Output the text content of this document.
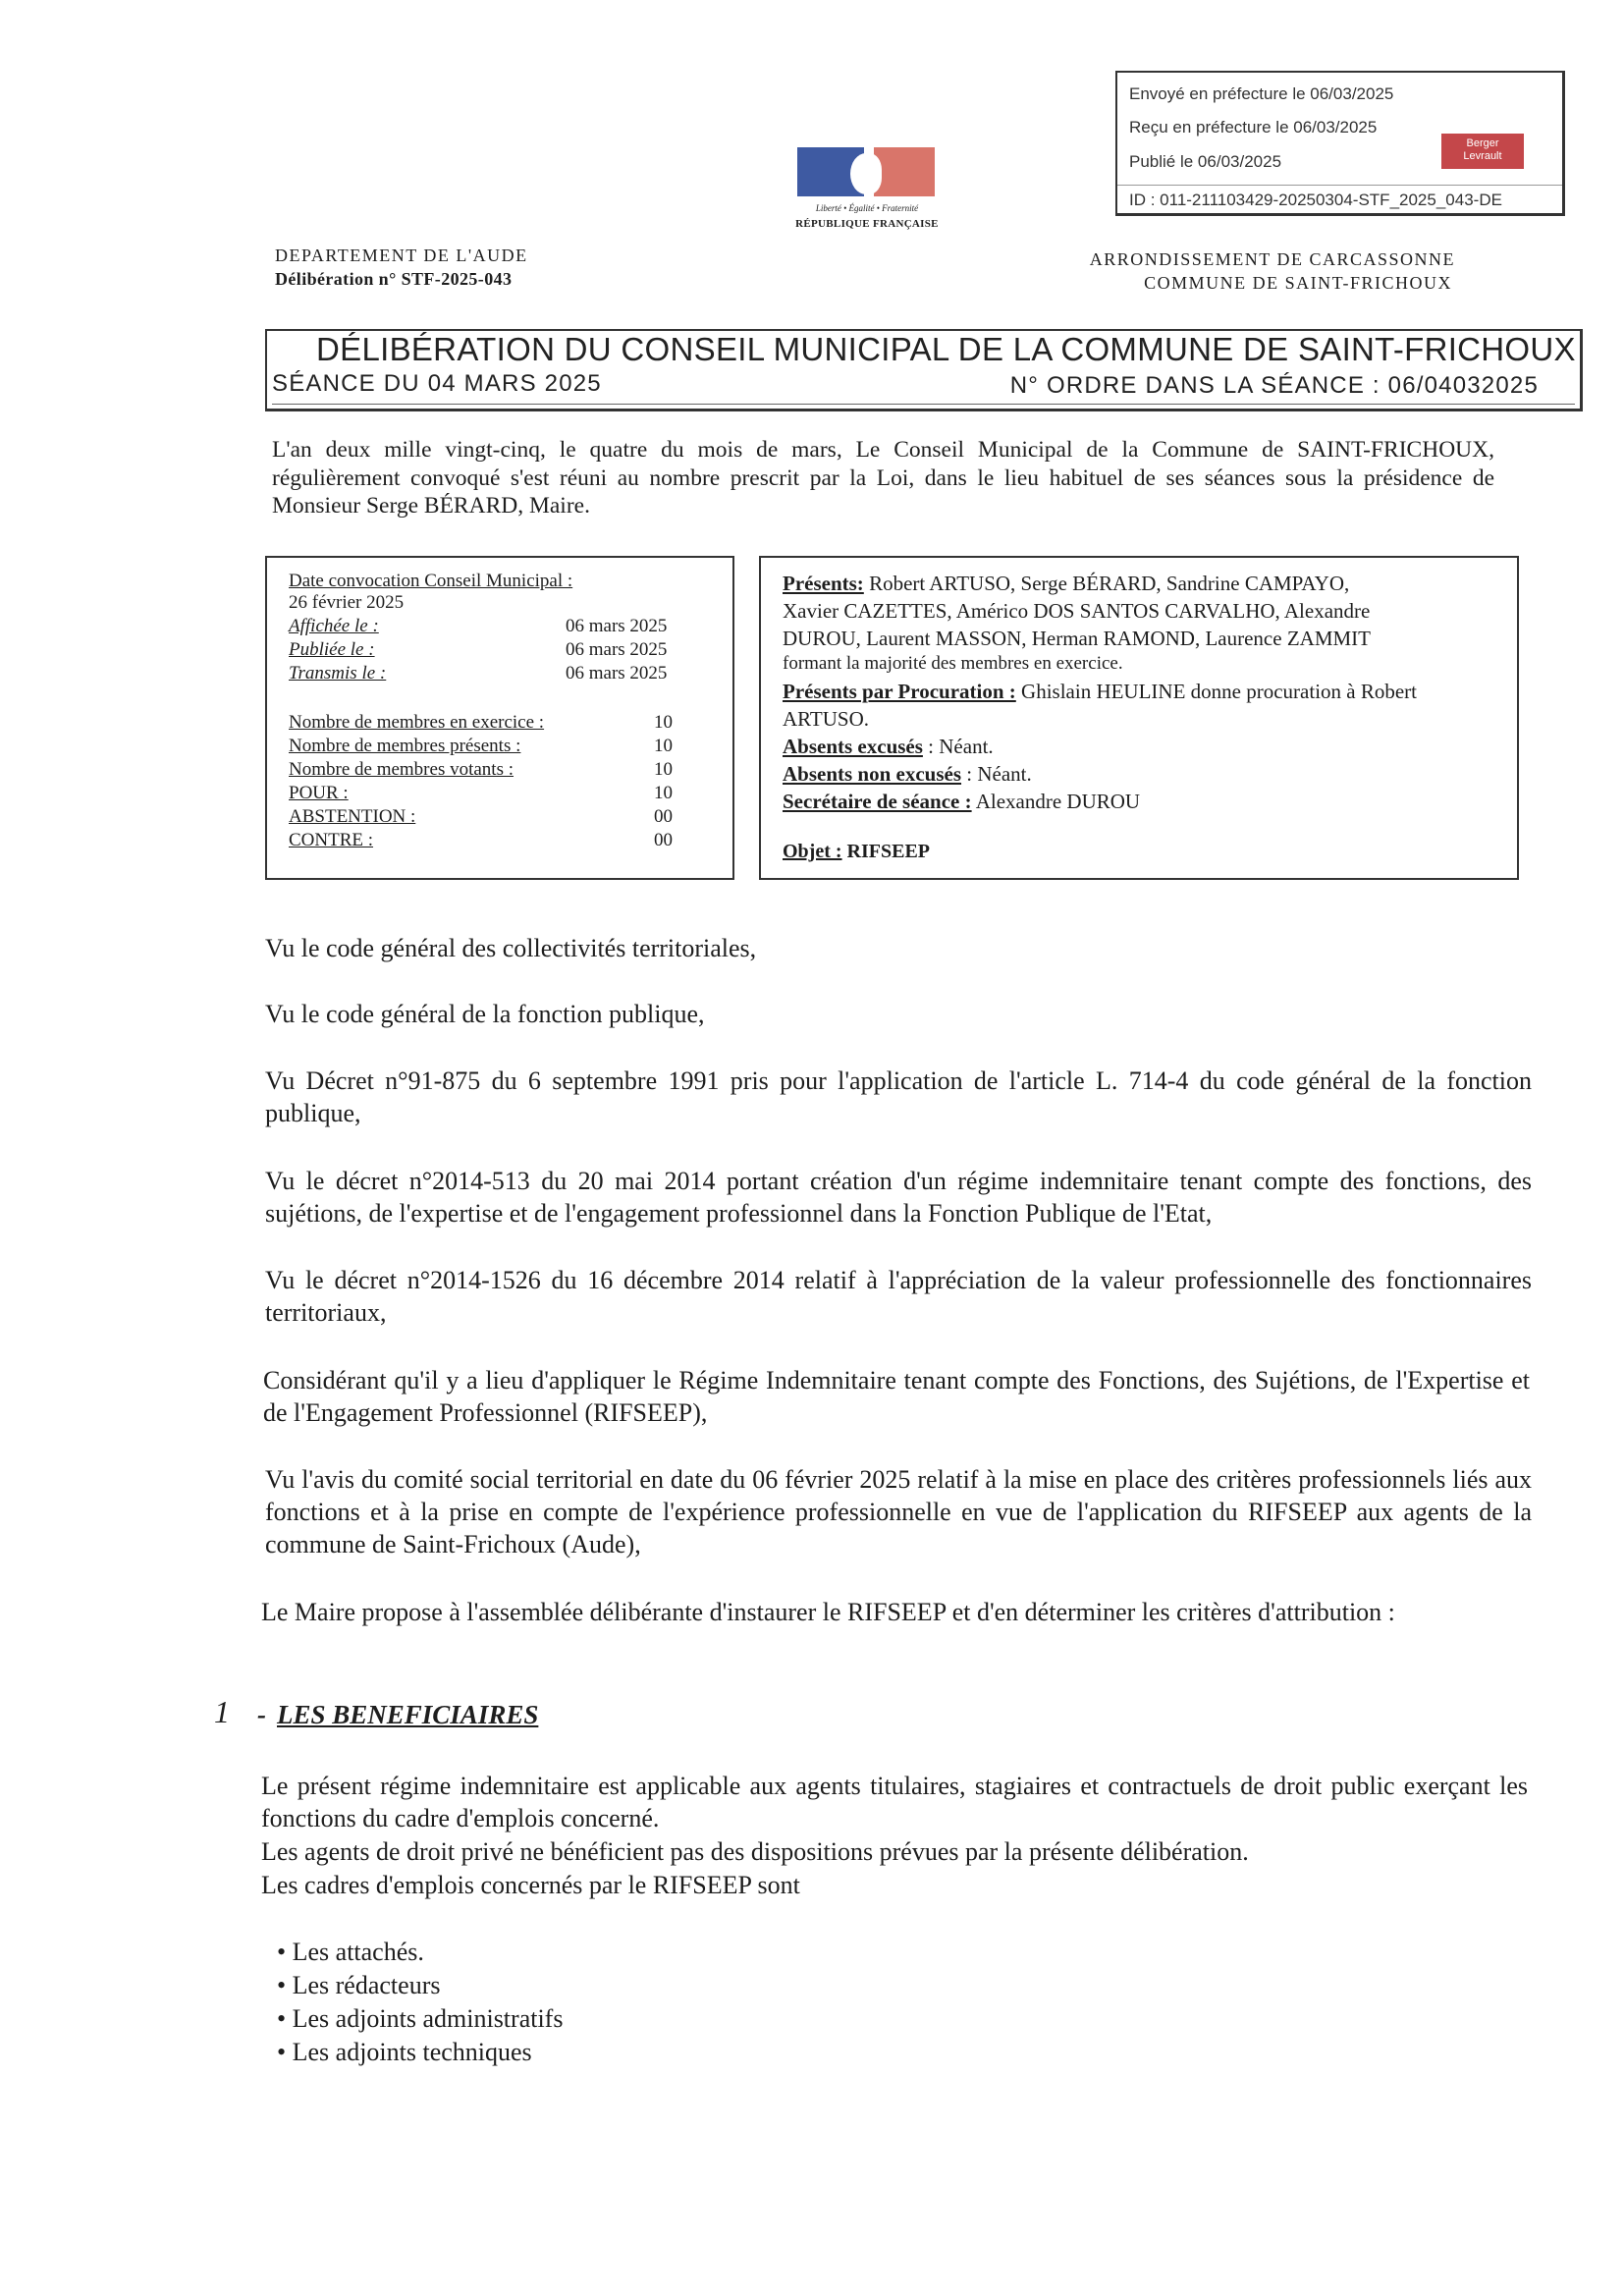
Envoyé en préfecture le 06/03/2025
Reçu en préfecture le 06/03/2025
Publié le 06/03/2025
ID : 011-211103429-20250304-STF_2025_043-DE
Berger
Levrault
Liberté • Égalité • Fraternité
RÉPUBLIQUE FRANÇAISE
DEPARTEMENT DE L'AUDE
Délibération n° STF-2025-043
ARRONDISSEMENT DE CARCASSONNE
COMMUNE DE SAINT-FRICHOUX
DÉLIBÉRATION DU CONSEIL MUNICIPAL DE LA COMMUNE DE SAINT-FRICHOUX
SÉANCE DU 04 MARS 2025	N° ORDRE DANS LA SÉANCE : 06/04032025

L'an deux mille vingt-cinq, le quatre du mois de mars, Le Conseil Municipal de la Commune de SAINT-FRICHOUX, régulièrement convoqué s'est réuni au nombre prescrit par la Loi, dans le lieu habituel de ses séances sous la présidence de Monsieur Serge BÉRARD, Maire.

Date convocation Conseil Municipal :
26 février 2025
Affichée le :	06 mars 2025
Publiée le :	06 mars 2025
Transmis le :	06 mars 2025
Nombre de membres en exercice :	10
Nombre de membres présents :	10
Nombre de membres votants :	10
POUR :	10
ABSTENTION :	00
CONTRE :	00
Présents: Robert ARTUSO, Serge BÉRARD, Sandrine CAMPAYO,
Xavier CAZETTES, Américo DOS SANTOS CARVALHO, Alexandre
DUROU, Laurent MASSON, Herman RAMOND, Laurence ZAMMIT
formant la majorité des membres en exercice.
Présents par Procuration : Ghislain HEULINE donne procuration à Robert
ARTUSO.
Absents excusés : Néant.
Absents non excusés : Néant.
Secrétaire de séance : Alexandre DUROU
Objet : RIFSEEP
Vu le code général des collectivités territoriales,
Vu le code général de la fonction publique,
Vu Décret n°91-875 du 6 septembre 1991 pris pour l'application de l'article L. 714-4 du code général de la fonction publique,
Vu le décret n°2014-513 du 20 mai 2014 portant création d'un régime indemnitaire tenant compte des fonctions, des sujétions, de l'expertise et de l'engagement professionnel dans la Fonction Publique de l'Etat,
Vu le décret n°2014-1526 du 16 décembre 2014 relatif à l'appréciation de la valeur professionnelle des fonctionnaires territoriaux,
Considérant qu'il y a lieu d'appliquer le Régime Indemnitaire tenant compte des Fonctions, des Sujétions, de l'Expertise et de l'Engagement Professionnel (RIFSEEP),
Vu l'avis du comité social territorial en date du 06 février 2025 relatif à la mise en place des critères professionnels liés aux fonctions et à la prise en compte de l'expérience professionnelle en vue de l'application du RIFSEEP aux agents de la commune de Saint-Frichoux (Aude),
Le Maire propose à l'assemblée délibérante d'instaurer le RIFSEEP et d'en déterminer les critères d'attribution :
1 - LES BENEFICIAIRES
Le présent régime indemnitaire est applicable aux agents titulaires, stagiaires et contractuels de droit public exerçant les fonctions du cadre d'emplois concerné.
Les agents de droit privé ne bénéficient pas des dispositions prévues par la présente délibération.
Les cadres d'emplois concernés par le RIFSEEP sont
• Les attachés.
• Les rédacteurs
• Les adjoints administratifs
• Les adjoints techniques
